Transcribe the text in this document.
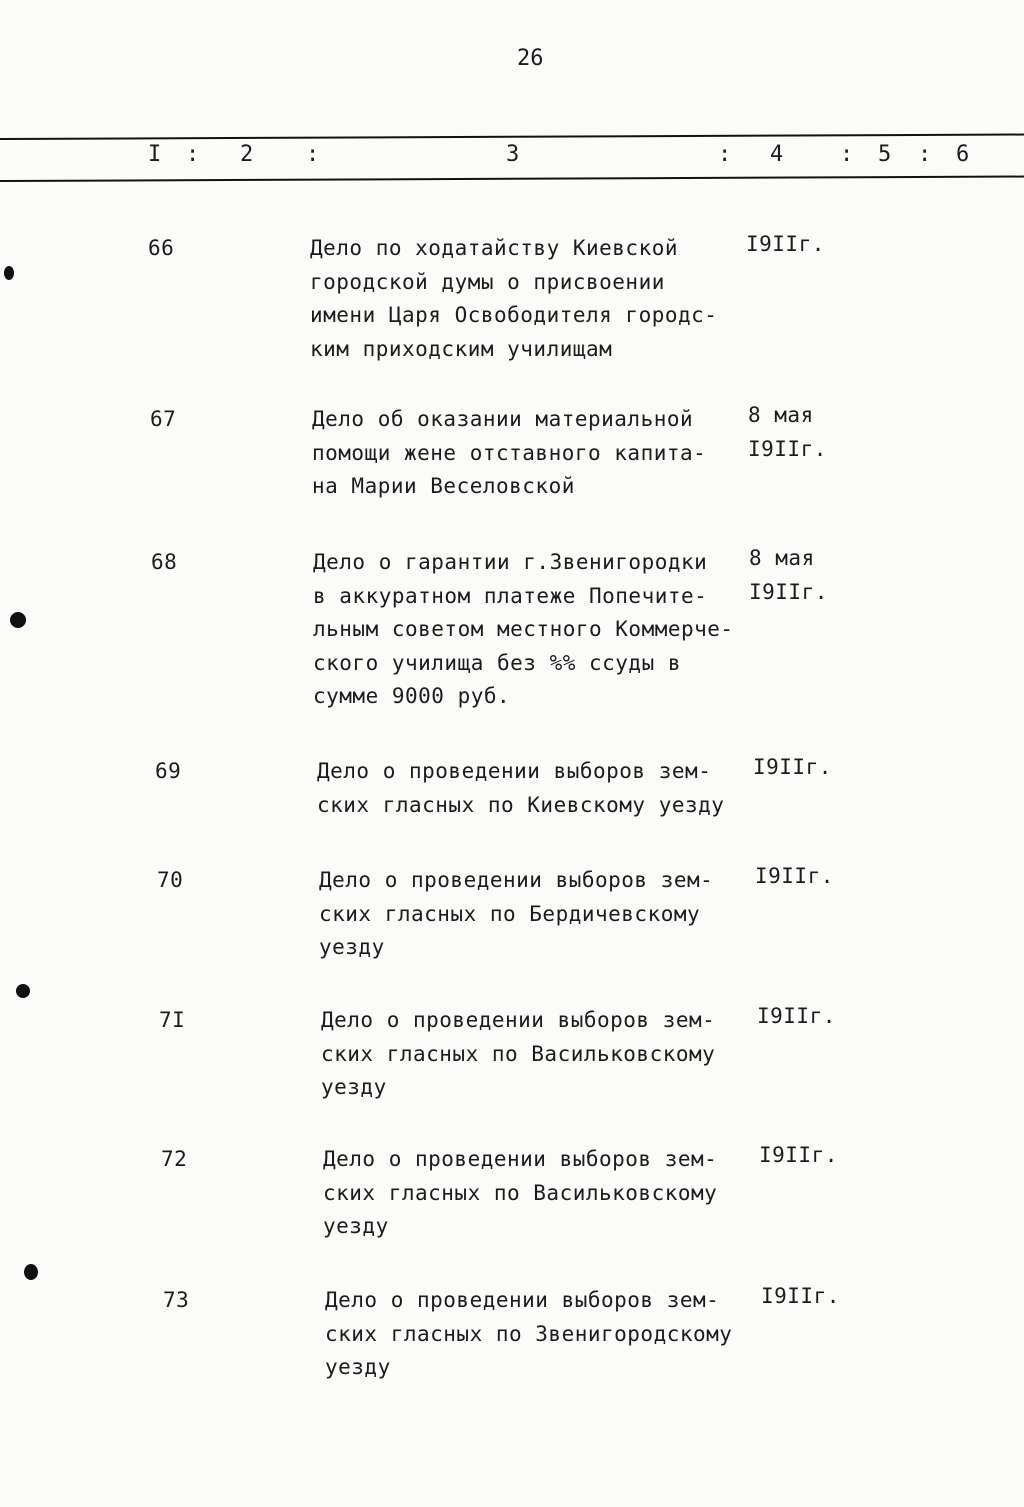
26
I : 2 :	3	: 4	: 5 : 6
66	Дело по ходатайству Киевской
городской думы о присвоении
имени Царя Освободителя городс-
ким приходским училищам
I9IIг.
67	Дело об оказании материальной
помощи жене отставного капита-
на Марии Веселовской
8 мая
I9IIг.
68	Дело о гарантии г.Звенигородки
в аккуратном платеже Попечите-
льным советом местного Коммерче-
ского училища без %% ссуды в
сумме 9000 руб.
8 мая
I9IIг.
69	Дело о проведении выборов зем-
ских гласных по Киевскому уезду
I9IIг.
70	Дело о проведении выборов зем-
ских гласных по Бердичевскому
уезду
I9IIг.
7I	Дело о проведении выборов зем-
ских гласных по Васильковскому
уезду
I9IIг.
72	Дело о проведении выборов зем-
ских гласных по Васильковскому
уезду
I9IIг.
73	Дело о проведении выборов зем-
ских гласных по Звенигородскому
уезду
I9IIг.
